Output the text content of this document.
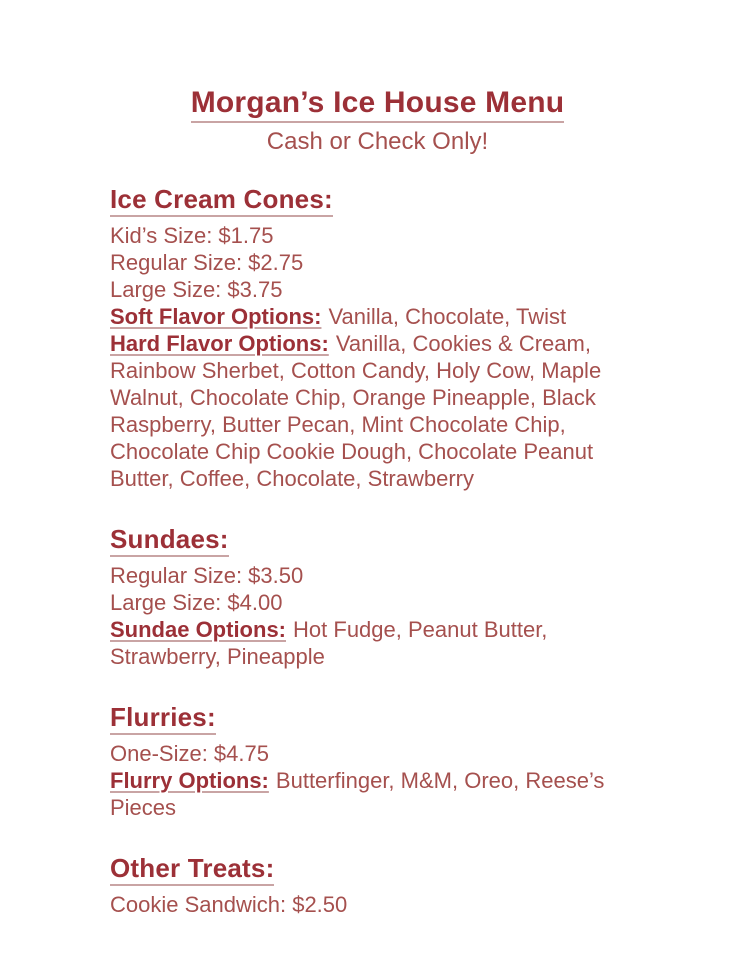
Morgan’s Ice House Menu
Cash or Check Only!
Ice Cream Cones:
Kid’s Size: $1.75
Regular Size: $2.75
Large Size: $3.75
Soft Flavor Options: Vanilla, Chocolate, Twist
Hard Flavor Options: Vanilla, Cookies & Cream, Rainbow Sherbet, Cotton Candy, Holy Cow, Maple Walnut, Chocolate Chip, Orange Pineapple, Black Raspberry, Butter Pecan, Mint Chocolate Chip, Chocolate Chip Cookie Dough, Chocolate Peanut Butter, Coffee, Chocolate, Strawberry
Sundaes:
Regular Size: $3.50
Large Size: $4.00
Sundae Options: Hot Fudge, Peanut Butter, Strawberry, Pineapple
Flurries:
One-Size: $4.75
Flurry Options: Butterfinger, M&M, Oreo, Reese’s Pieces
Other Treats:
Cookie Sandwich: $2.50
